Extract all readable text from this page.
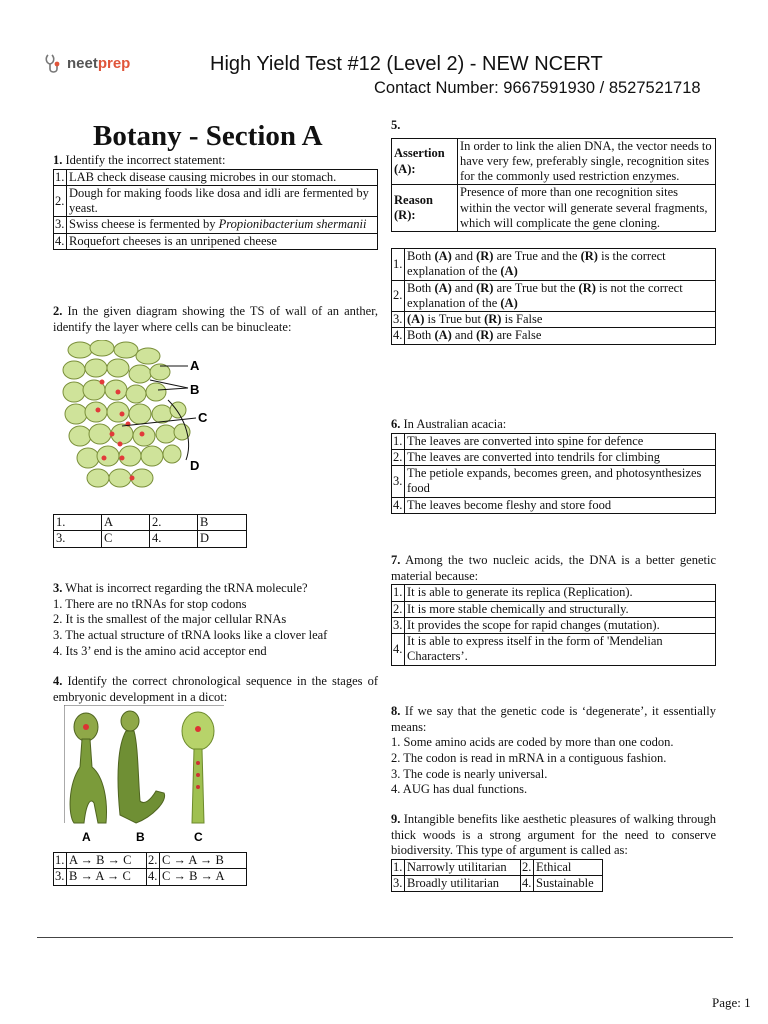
neet prep	High Yield Test #12 (Level 2) - NEW NCERT
Contact Number: 9667591930 / 8527521718
Botany - Section A
1. Identify the incorrect statement:
1.	LAB check disease causing microbes in our stomach.
2.	Dough for making foods like dosa and idli are fermented by yeast.
3.	Swiss cheese is fermented by Propionibacterium shermanii
4.	Roquefort cheeses is an unripened cheese
2. In the given diagram showing the TS of wall of an anther, identify the layer where cells can be binucleate:
A
B
C
D
1.	A	2.	B
3.	C	4.	D
3. What is incorrect regarding the tRNA molecule?
1. There are no tRNAs for stop codons
2. It is the smallest of the major cellular RNAs
3. The actual structure of tRNA looks like a clover leaf
4. Its 3’ end is the amino acid acceptor end
4. Identify the correct chronological sequence in the stages of embryonic development in a dicot:
A	B	C
1.	A → B → C	2.	C → A → B
3.	B → A → C	4.	C → B → A
5.
Assertion (A):	In order to link the alien DNA, the vector needs to have very few, preferably single, recognition sites for the commonly used restriction enzymes.
Reason (R):	Presence of more than one recognition sites within the vector will generate several fragments, which will complicate the gene cloning.
1.	Both (A) and (R) are True and the (R) is the correct explanation of the (A)
2.	Both (A) and (R) are True but the (R) is not the correct explanation of the (A)
3.	(A) is True but (R) is False
4.	Both (A) and (R) are False
6. In Australian acacia:
1.	The leaves are converted into spine for defence
2.	The leaves are converted into tendrils for climbing
3.	The petiole expands, becomes green, and photosynthesizes food
4.	The leaves become fleshy and store food
7. Among the two nucleic acids, the DNA is a better genetic material because:
1.	It is able to generate its replica (Replication).
2.	It is more stable chemically and structurally.
3.	It provides the scope for rapid changes (mutation).
4.	It is able to express itself in the form of 'Mendelian Characters’.
8. If we say that the genetic code is ‘degenerate’, it essentially means:
1. Some amino acids are coded by more than one codon.
2. The codon is read in mRNA in a contiguous fashion.
3. The code is nearly universal.
4. AUG has dual functions.
9. Intangible benefits like aesthetic pleasures of walking through thick woods is a strong argument for the need to conserve biodiversity. This type of argument is called as:
1.	Narrowly utilitarian	2.	Ethical
3.	Broadly utilitarian	4.	Sustainable
Page: 1
